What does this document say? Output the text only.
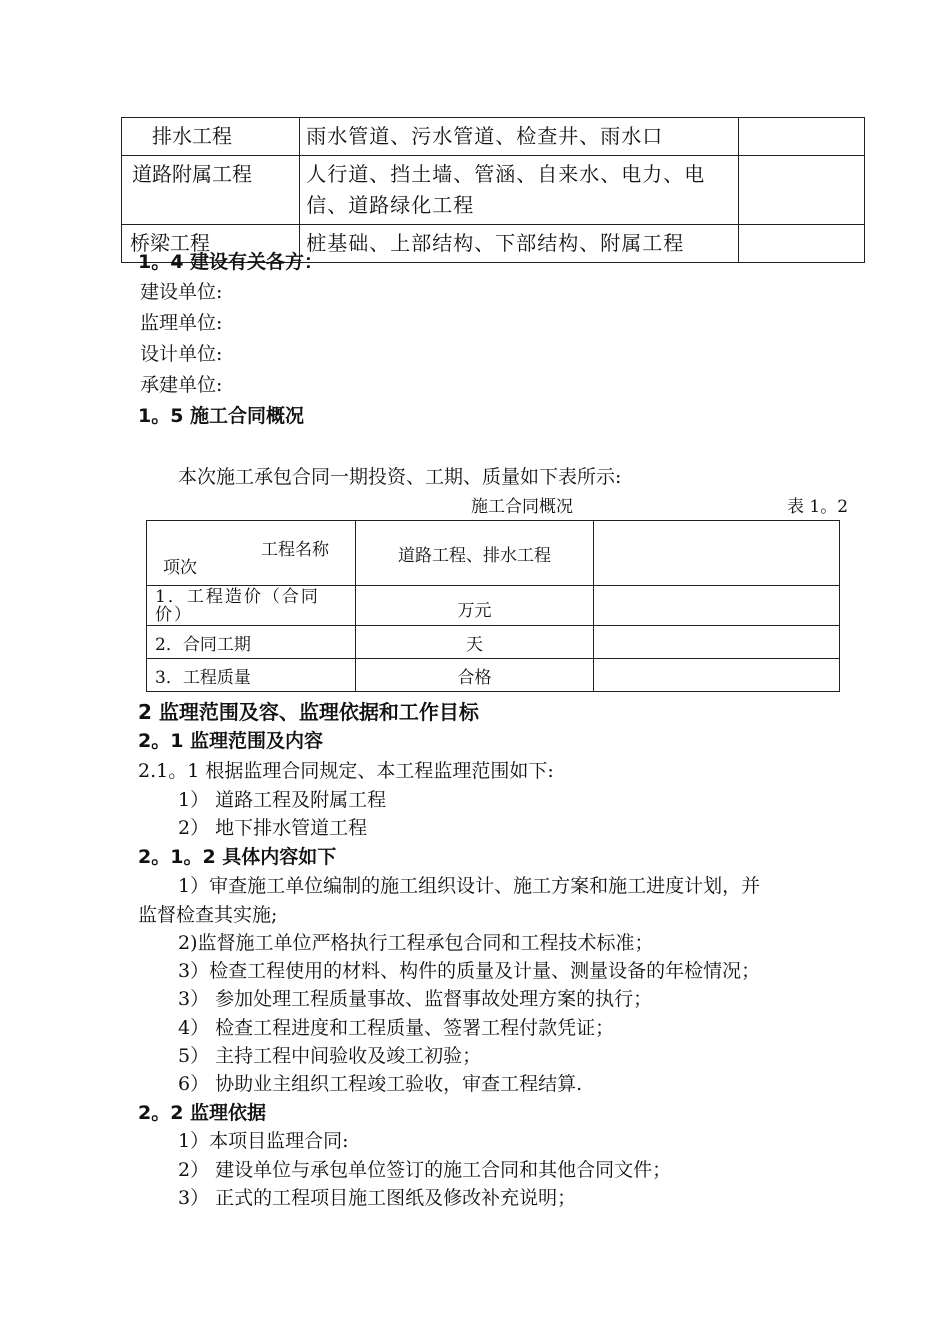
排水工程	雨水管道、污水管道、检查井、雨水口	
道路附属工程	人行道、挡土墙、管涵、自来水、电力、电信、道路绿化工程	
桥梁工程	桩基础、上部结构、下部结构、附属工程	
1。4 建设有关各方：
建设单位:
监理单位:
设计单位:
承建单位:
1。5 施工合同概况
本次施工承包合同一期投资、工期、质量如下表所示:
施工合同概况	表 1。2
工程名称
项次	道路工程、排水工程	
1．工程造价（合同价）	万元	
2．合同工期	天	
3．工程质量	合格	
2 监理范围及容、监理依据和工作目标
2。1 监理范围及内容
2.1。1 根据监理合同规定、本工程监理范围如下:
1） 道路工程及附属工程
2） 地下排水管道工程
2。1。2 具体内容如下
1）审查施工单位编制的施工组织设计、施工方案和施工进度计划，并
监督检查其实施;
2)监督施工单位严格执行工程承包合同和工程技术标准；
3）检查工程使用的材料、构件的质量及计量、测量设备的年检情况；
3） 参加处理工程质量事故、监督事故处理方案的执行；
4） 检查工程进度和工程质量、签署工程付款凭证；
5） 主持工程中间验收及竣工初验；
6） 协助业主组织工程竣工验收，审查工程结算.
2。2 监理依据
1）本项目监理合同:
2） 建设单位与承包单位签订的施工合同和其他合同文件；
3） 正式的工程项目施工图纸及修改补充说明；
